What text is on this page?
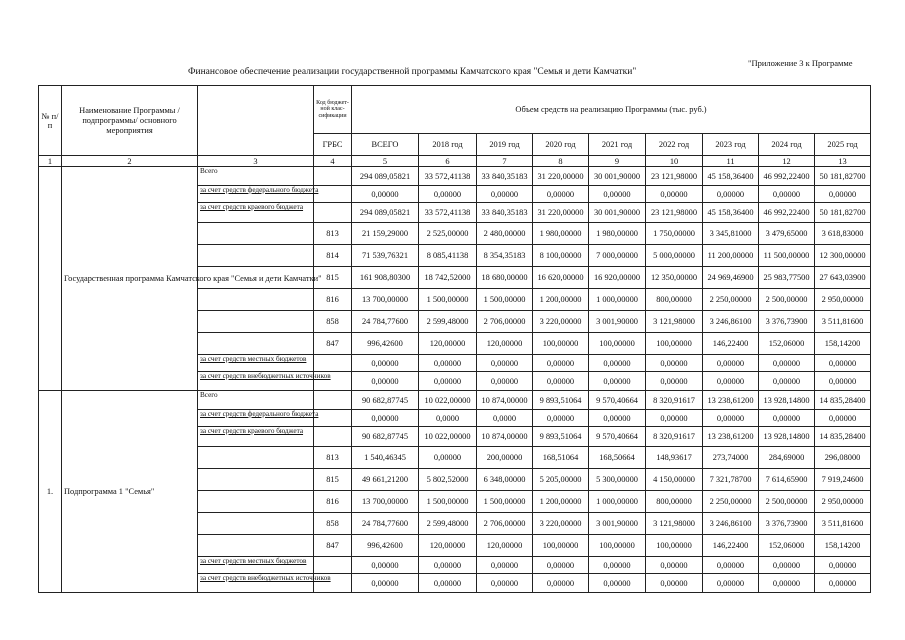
"Приложение 3 к Программе
Финансовое обеспечение реализации государственной программы Камчатского края "Семья и дети Камчатки"
№ п/п	Наименование Программы /подпрограммы/ основного мероприятия		Код бюджет-ной клас-сификации	Объем средств на реализацию Программы (тыс. руб.)								
			ГРБС	ВСЕГО	2018 год	2019 год	2020 год	2021 год	2022 год	2023 год	2024 год	2025 год
1	2	3	4	5	6	7	8	9	10	11	12	13
	Государственная программа Камчатского края "Семья и дети Камчатки"	Всего		294 089,05821	33 572,41138	33 840,35183	31 220,00000	30 001,90000	23 121,98000	45 158,36400	46 992,22400	50 181,82700
		за счет средств федерального бюджета		0,00000	0,00000	0,00000	0,00000	0,00000	0,00000	0,00000	0,00000	0,00000
		за счет средств краевого бюджета		294 089,05821	33 572,41138	33 840,35183	31 220,00000	30 001,90000	23 121,98000	45 158,36400	46 992,22400	50 181,82700
			813	21 159,29000	2 525,00000	2 480,00000	1 980,00000	1 980,00000	1 750,00000	3 345,81000	3 479,65000	3 618,83000
			814	71 539,76321	8 085,41138	8 354,35183	8 100,00000	7 000,00000	5 000,00000	11 200,00000	11 500,00000	12 300,00000
			815	161 908,80300	18 742,52000	18 680,00000	16 620,00000	16 920,00000	12 350,00000	24 969,46900	25 983,77500	27 643,03900
			816	13 700,00000	1 500,00000	1 500,00000	1 200,00000	1 000,00000	800,00000	2 250,00000	2 500,00000	2 950,00000
			858	24 784,77600	2 599,48000	2 706,00000	3 220,00000	3 001,90000	3 121,98000	3 246,86100	3 376,73900	3 511,81600
			847	996,42600	120,00000	120,00000	100,00000	100,00000	100,00000	146,22400	152,06000	158,14200
		за счет средств местных бюджетов		0,00000	0,00000	0,00000	0,00000	0,00000	0,00000	0,00000	0,00000	0,00000
		за счет средств внебюджетных источников		0,00000	0,00000	0,00000	0,00000	0,00000	0,00000	0,00000	0,00000	0,00000
1.	Подпрограмма 1 "Семья"	Всего		90 682,87745	10 022,00000	10 874,00000	9 893,51064	9 570,40664	8 320,91617	13 238,61200	13 928,14800	14 835,28400
		за счет средств федерального бюджета		0,00000	0,0000	0,0000	0,00000	0,00000	0,00000	0,00000	0,00000	0,00000
		за счет средств краевого бюджета		90 682,87745	10 022,00000	10 874,00000	9 893,51064	9 570,40664	8 320,91617	13 238,61200	13 928,14800	14 835,28400
			813	1 540,46345	0,00000	200,00000	168,51064	168,50664	148,93617	273,74000	284,69000	296,08000
			815	49 661,21200	5 802,52000	6 348,00000	5 205,00000	5 300,00000	4 150,00000	7 321,78700	7 614,65900	7 919,24600
			816	13 700,00000	1 500,00000	1 500,00000	1 200,00000	1 000,00000	800,00000	2 250,00000	2 500,00000	2 950,00000
			858	24 784,77600	2 599,48000	2 706,00000	3 220,00000	3 001,90000	3 121,98000	3 246,86100	3 376,73900	3 511,81600
			847	996,42600	120,00000	120,00000	100,00000	100,00000	100,00000	146,22400	152,06000	158,14200
		за счет средств местных бюджетов		0,00000	0,00000	0,00000	0,00000	0,00000	0,00000	0,00000	0,00000	0,00000
		за счет средств внебюджетных источников		0,00000	0,00000	0,00000	0,00000	0,00000	0,00000	0,00000	0,00000	0,00000
